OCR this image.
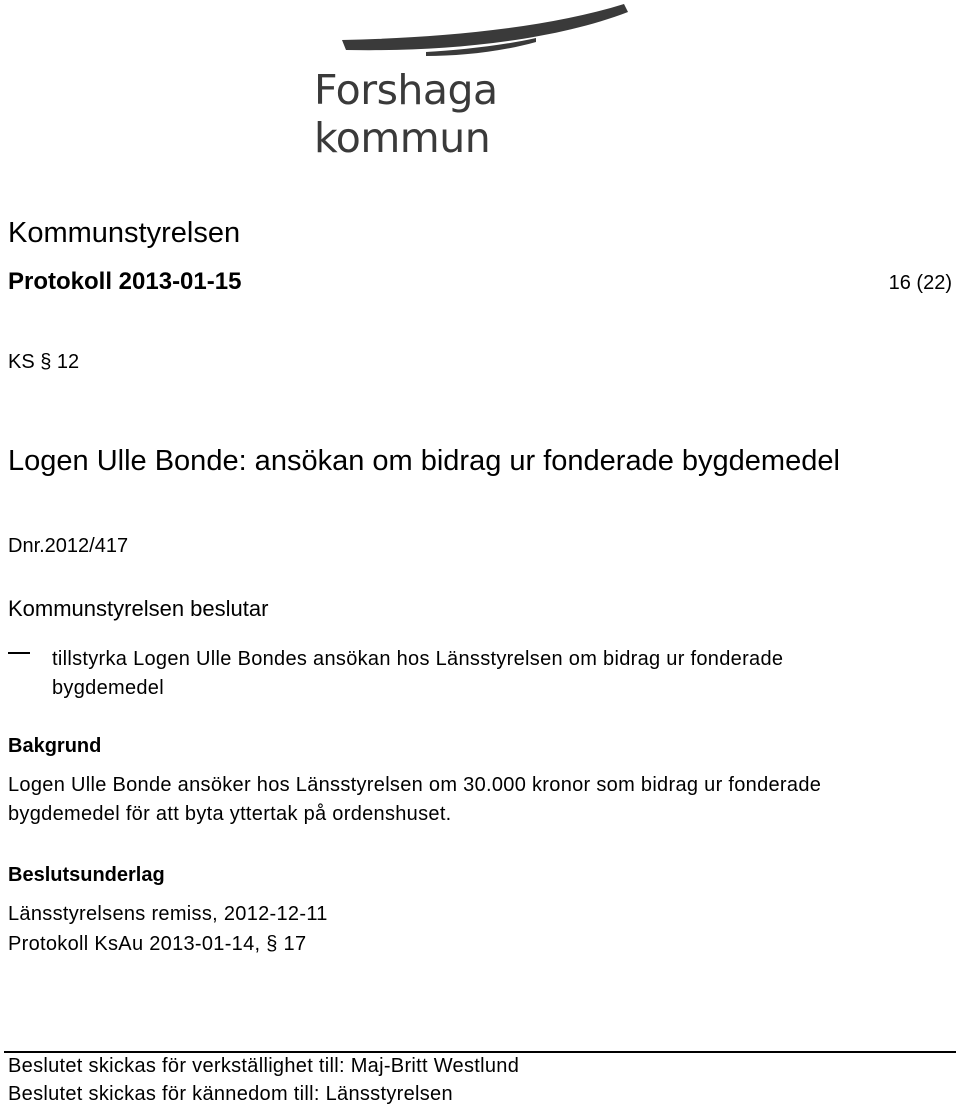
Forshaga kommun
Kommunstyrelsen
Protokoll 2013-01-15	16 (22)
KS § 12
Logen Ulle Bonde: ansökan om bidrag ur fonderade bygdemedel
Dnr.2012/417
Kommunstyrelsen beslutar
tillstyrka Logen Ulle Bondes ansökan hos Länsstyrelsen om bidrag ur fonderade bygdemedel
Bakgrund
Logen Ulle Bonde ansöker hos Länsstyrelsen om 30.000 kronor som bidrag ur fonderade bygdemedel för att byta yttertak på ordenshuset.
Beslutsunderlag
Länsstyrelsens remiss, 2012-12-11
Protokoll KsAu 2013-01-14, § 17
Beslutet skickas för verkställighet till: Maj-Britt Westlund
Beslutet skickas för kännedom till: Länsstyrelsen
